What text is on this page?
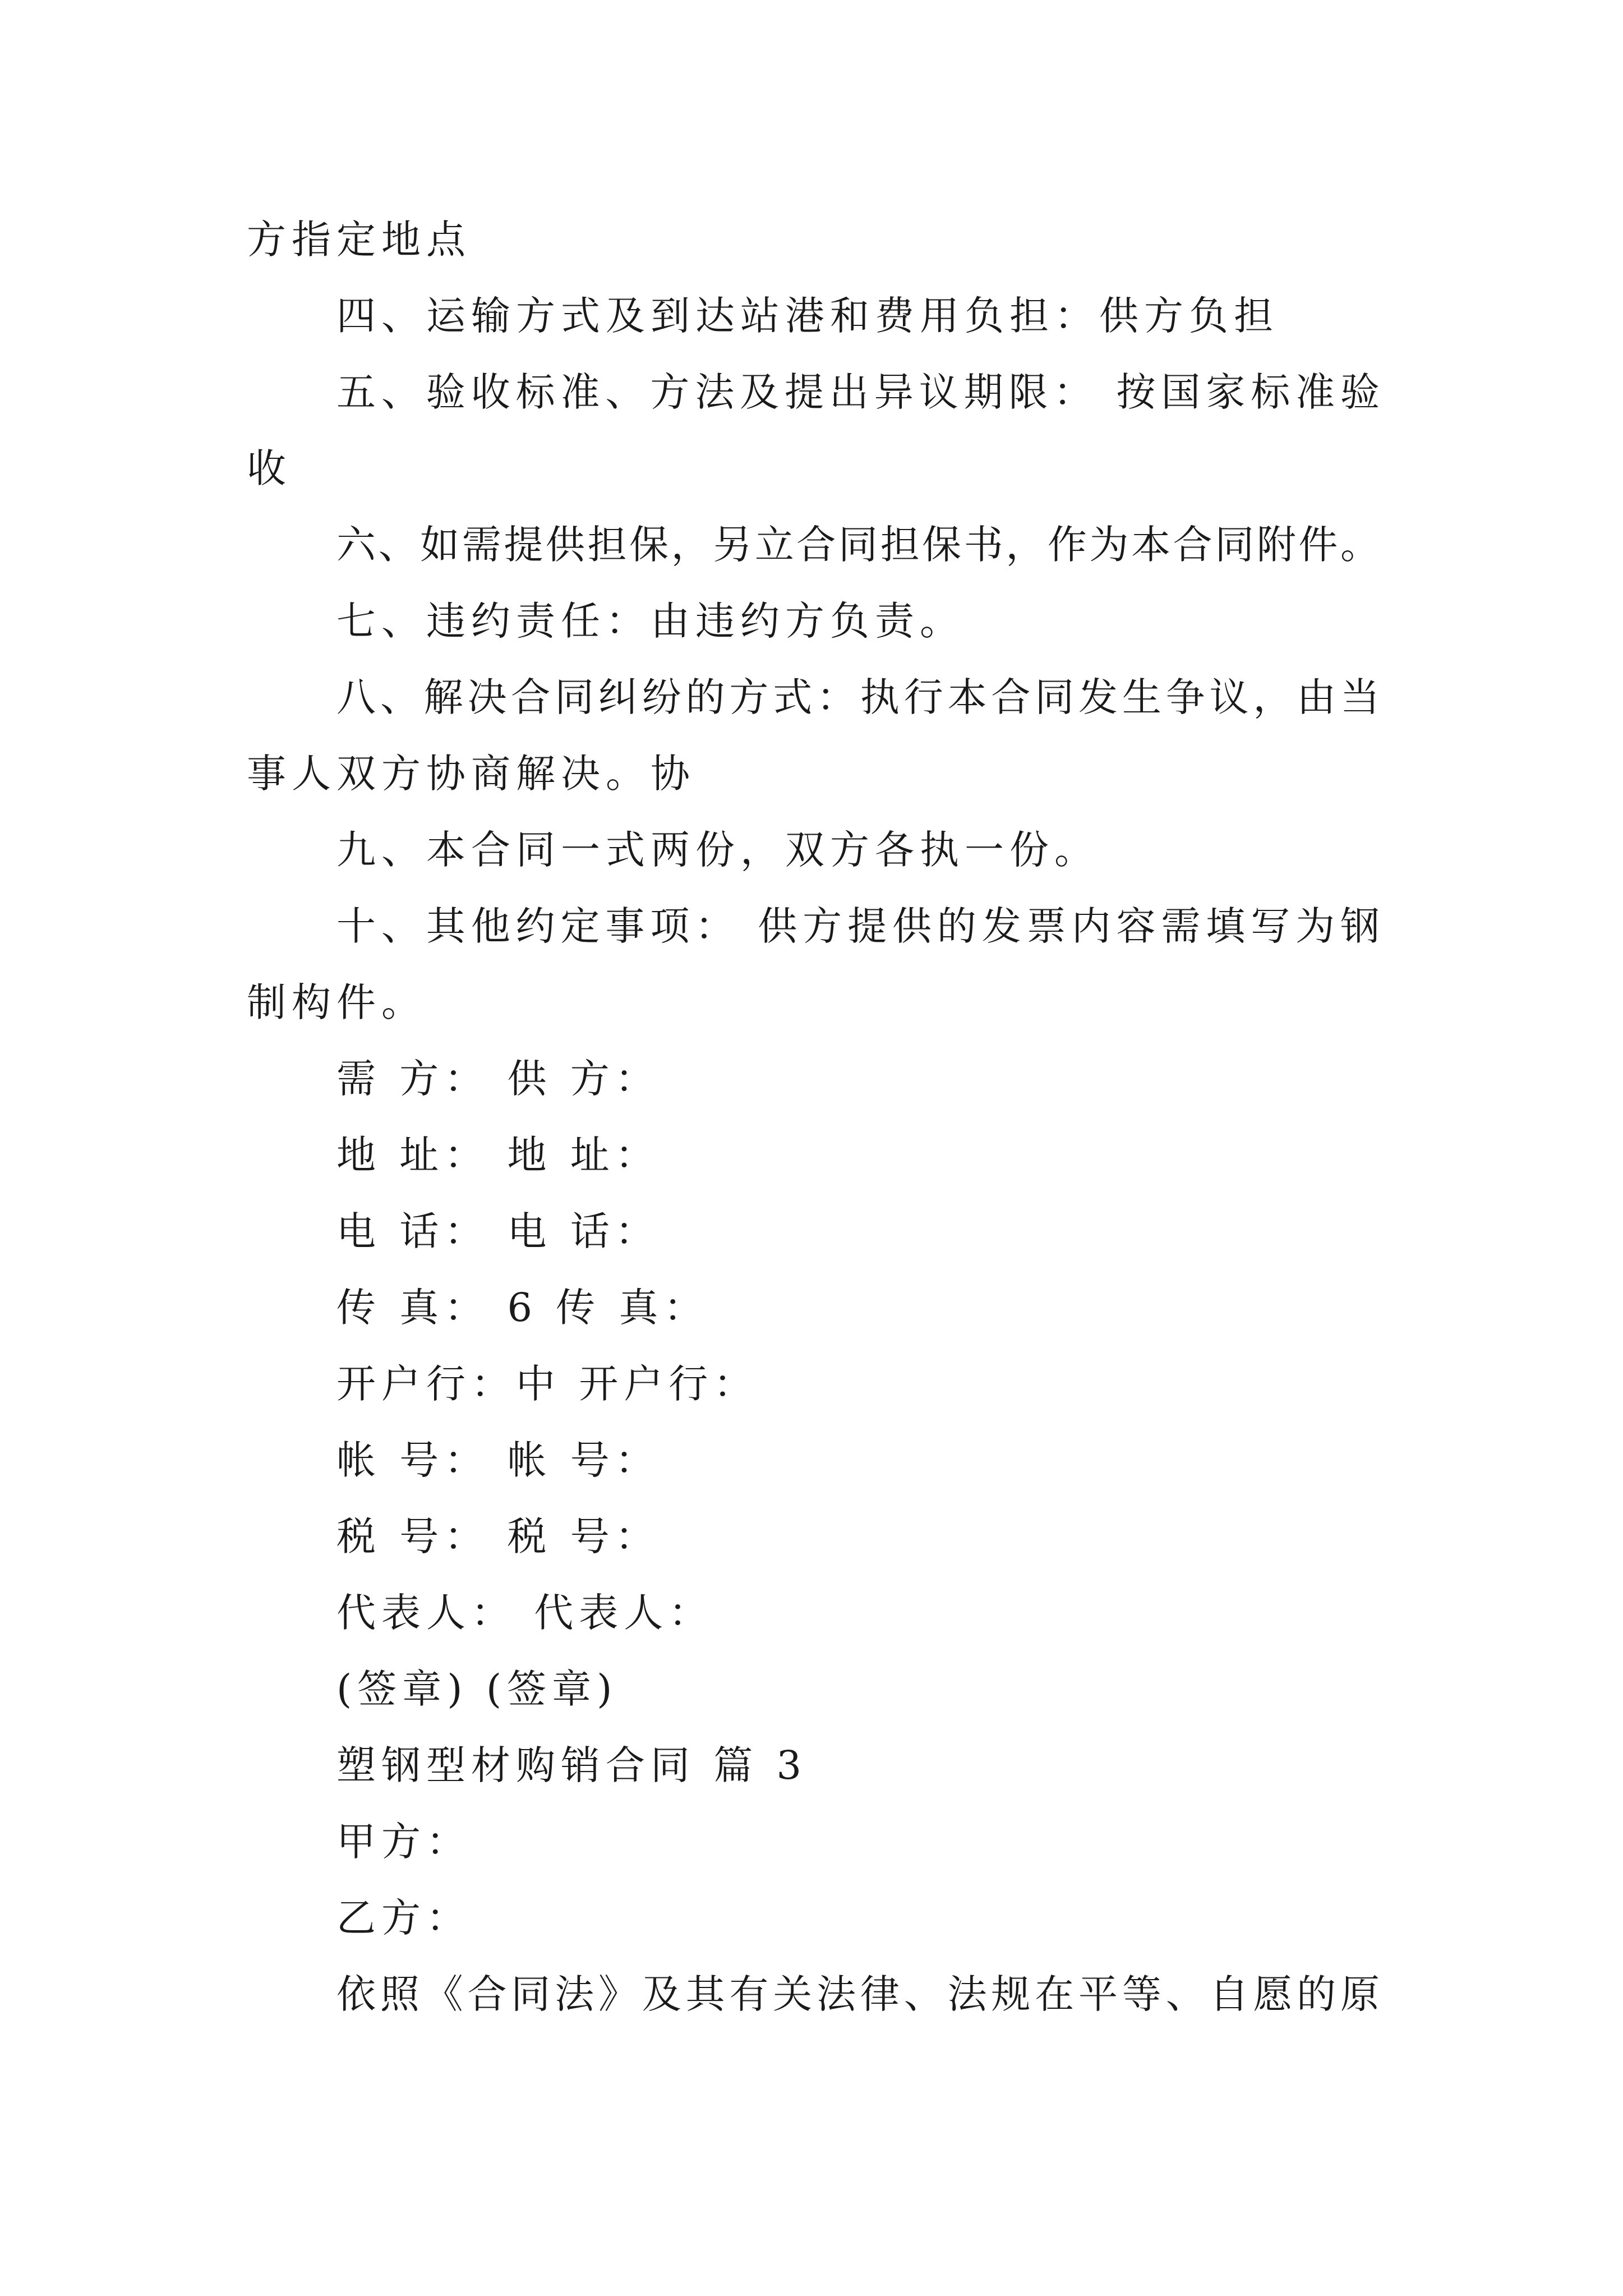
方指定地点
四、运输方式及到达站港和费用负担：供方负担
五、验收标准、方法及提出异议期限： 按国家标准验
收
六、如需提供担保，另立合同担保书，作为本合同附件。
七、违约责任：由违约方负责。
八、解决合同纠纷的方式：执行本合同发生争议，由当
事人双方协商解决。协
九、本合同一式两份，双方各执一份。
十、其他约定事项： 供方提供的发票内容需填写为钢
制构件。
需 方： 供 方：
地 址： 地 址：
电 话： 电 话：
传 真： 6 传 真：
开户行：中 开户行：
帐 号： 帐 号：
税 号： 税 号：
代表人： 代表人：
(签章) (签章)
塑钢型材购销合同 篇 3
甲方：
乙方：
依照《合同法》及其有关法律、法规在平等、自愿的原
